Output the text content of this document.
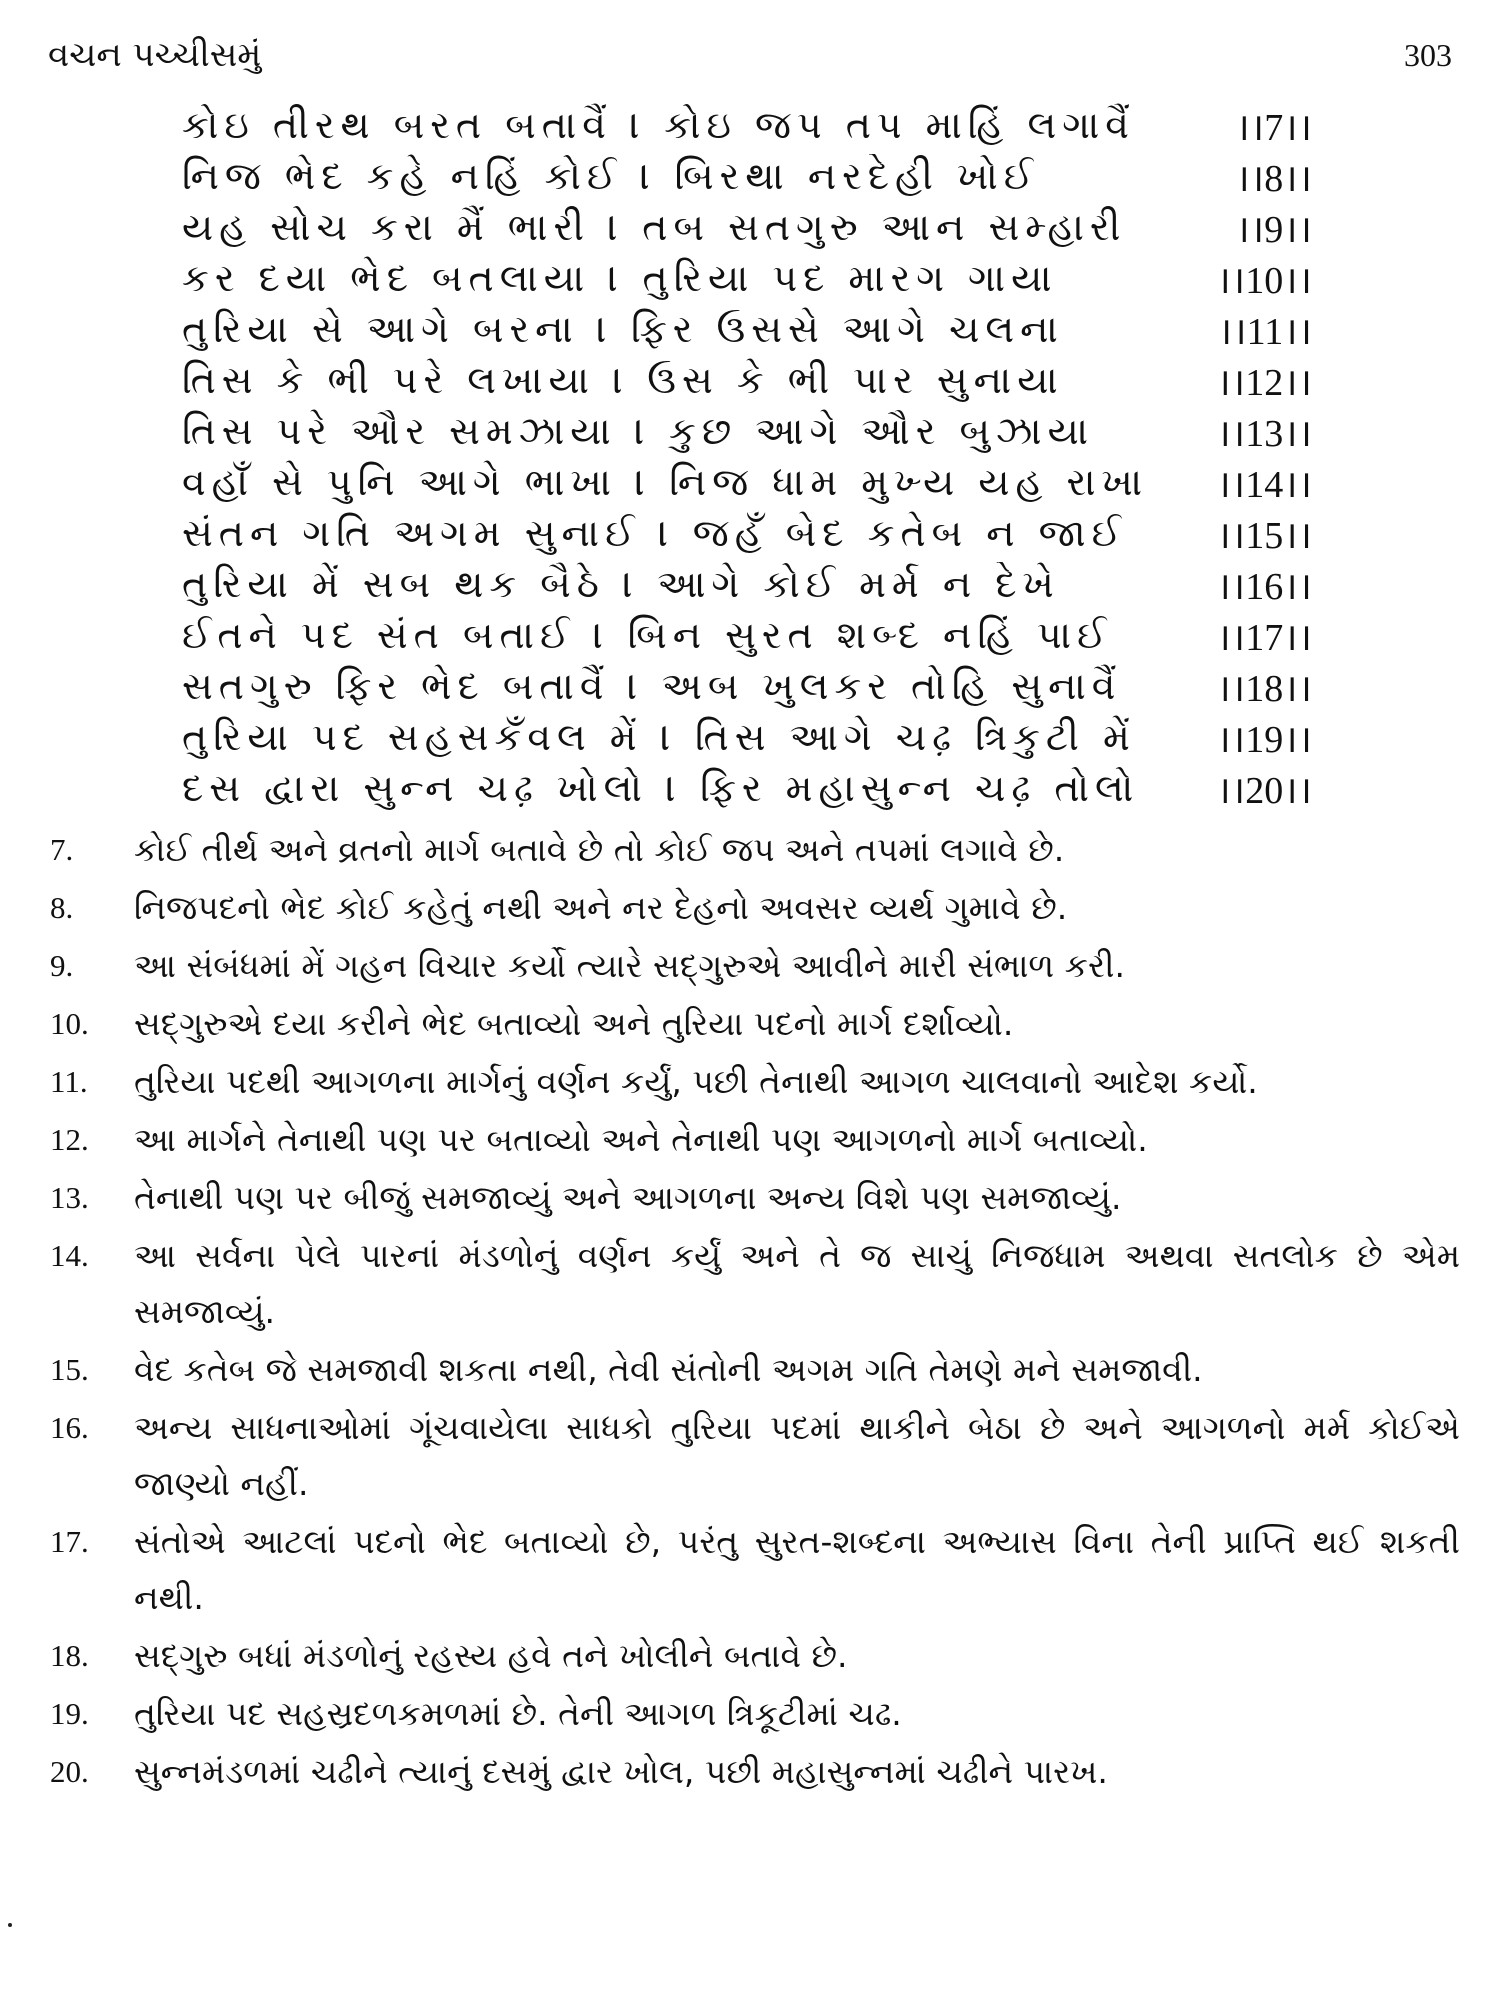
વચન પચ્ચીસમું	303
કોઇ તીરથ બરત બતાવૈં । કોઇ જપ તપ માહિં લગાવૈં	।।7।।
નિજ ભેદ કહે નહિં કોઈ । બિરથા નરદેહી ખોઈ	।।8।।
યહ સોચ કરા મૈં ભારી । તબ સતગુરુ આન સમ્હારી	।।9।।
કર દયા ભેદ બતલાયા । તુરિયા પદ મારગ ગાયા	।।10।।
તુરિયા સે આગે બરના । ફિર ઉસસે આગે ચલના	।।11।।
તિસ કે ભી પરે લખાયા । ઉસ કે ભી પાર સુનાયા	।।12।।
તિસ પરે ઔર સમઝાયા । કુછ આગે ઔર બુઝાયા	।।13।।
વહાઁ સે પુનિ આગે ભાખા । નિજ ધામ મુખ્ય યહ રાખા	।।14।।
સંતન ગતિ અગમ સુનાઈ । જહઁ બેદ કતેબ ન જાઈ	।।15।।
તુરિયા મેં સબ થક બૈઠે । આગે કોઈ મર્મ ન દેખે	।।16।।
ઈતને પદ સંત બતાઈ । બિન સુરત શબ્દ નહિં પાઈ	।।17।।
સતગુરુ ફિર ભેદ બતાવૈં । અબ ખુલકર તોહિ સુનાવૈં	।।18।।
તુરિયા પદ સહસકઁવલ મેં । તિસ આગે ચઢ઼ ત્રિકુટી મેં	।।19।।
દસ દ્વારા સુન્ન ચઢ઼ ખોલો । ફિર મહાસુન્ન ચઢ઼ તોલો	।।20।।
7.	કોઈ તીર્થ અને વ્રતનો માર્ગ બતાવે છે તો કોઈ જપ અને તપમાં લગાવે છે.
8.	નિજપદનો ભેદ કોઈ કહેતું નથી અને નર દેહનો અવસર વ્યર્થ ગુમાવે છે.
9.	આ સંબંધમાં મેં ગહન વિચાર કર્યો ત્યારે સદ્ગુરુએ આવીને મારી સંભાળ કરી.
10.	સદ્ગુરુએ દયા કરીને ભેદ બતાવ્યો અને તુરિયા પદનો માર્ગ દર્શાવ્યો.
11.	તુરિયા પદથી આગળના માર્ગનું વર્ણન કર્યું, પછી તેનાથી આગળ ચાલવાનો આદેશ કર્યો.
12.	આ માર્ગને તેનાથી પણ પર બતાવ્યો અને તેનાથી પણ આગળનો માર્ગ બતાવ્યો.
13.	તેનાથી પણ પર બીજું સમજાવ્યું અને આગળના અન્ય વિશે પણ સમજાવ્યું.
14.	આ સર્વના પેલે પારનાં મંડળોનું વર્ણન કર્યું અને તે જ સાચું નિજધામ અથવા સતલોક છે એમ સમજાવ્યું.
15.	વેદ કતેબ જે સમજાવી શકતા નથી, તેવી સંતોની અગમ ગતિ તેમણે મને સમજાવી.
16.	અન્ય સાધનાઓમાં ગૂંચવાયેલા સાધકો તુરિયા પદમાં થાકીને બેઠા છે અને આગળનો મર્મ કોઈએ જાણ્યો નહીં.
17.	સંતોએ આટલાં પદનો ભેદ બતાવ્યો છે, પરંતુ સુરત-શબ્દના અભ્યાસ વિના તેની પ્રાપ્તિ થઈ શકતી નથી.
18.	સદ્ગુરુ બધાં મંડળોનું રહસ્ય હવે તને ખોલીને બતાવે છે.
19.	તુરિયા પદ સહસ્રદળકમળમાં છે. તેની આગળ ત્રિકૂટીમાં ચઢ.
20.	સુન્નમંડળમાં ચઢીને ત્યાનું દસમું દ્વાર ખોલ, પછી મહાસુન્નમાં ચઢીને પારખ.
